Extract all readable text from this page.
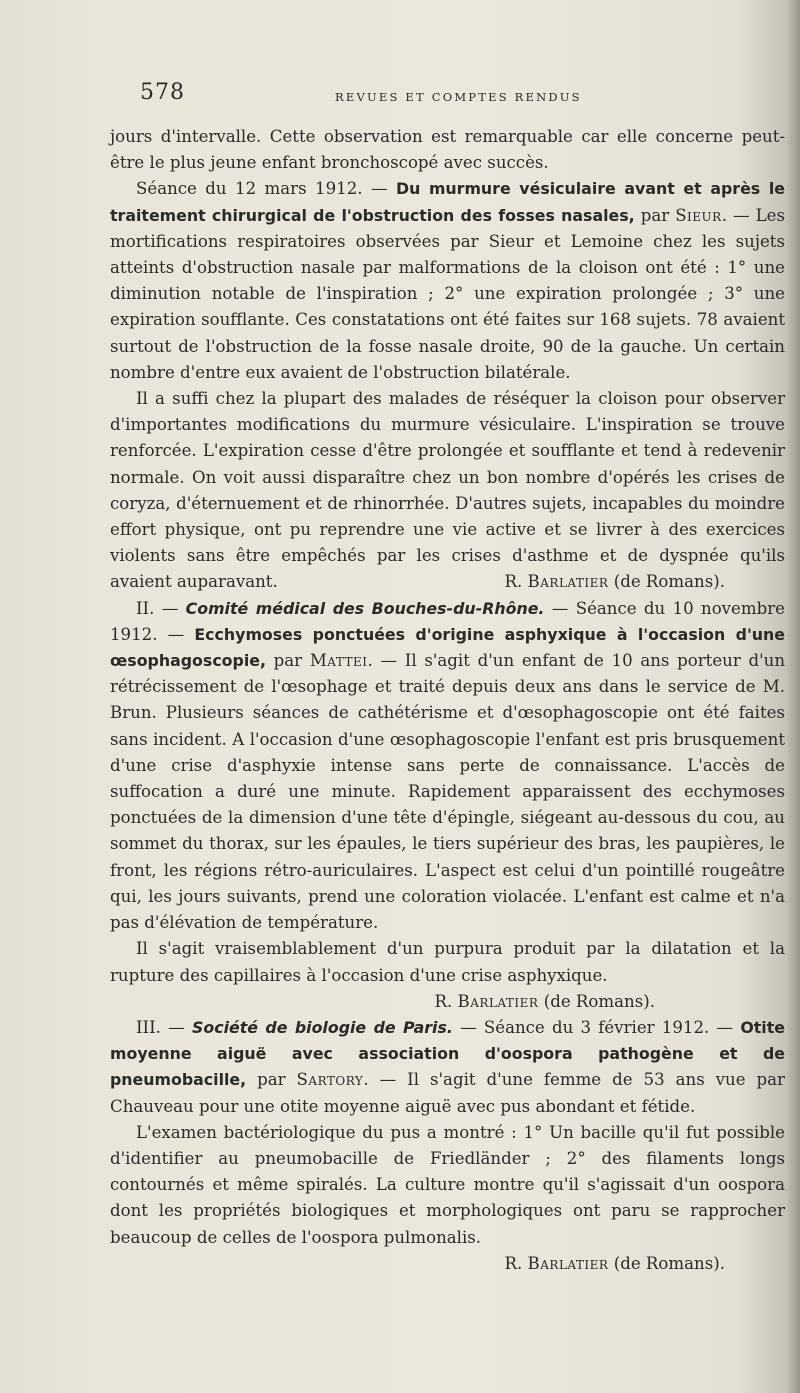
578	REVUES ET COMPTES RENDUS

jours d'intervalle. Cette observation est remarquable car elle concerne peut-être le plus jeune enfant bronchoscopé avec succès.

Séance du 12 mars 1912. — Du murmure vésiculaire avant et après le traitement chirurgical de l'obstruction des fosses nasales, par Sieur. — Les mortifications respiratoires observées par Sieur et Lemoine chez les sujets atteints d'obstruction nasale par malformations de la cloison ont été : 1° une diminution notable de l'inspiration ; 2° une expiration prolongée ; 3° une expiration soufflante. Ces constatations ont été faites sur 168 sujets. 78 avaient surtout de l'obstruction de la fosse nasale droite, 90 de la gauche. Un certain nombre d'entre eux avaient de l'obstruction bilatérale.

Il a suffi chez la plupart des malades de réséquer la cloison pour observer d'importantes modifications du murmure vésiculaire. L'inspiration se trouve renforcée. L'expiration cesse d'être prolongée et soufflante et tend à redevenir normale. On voit aussi disparaître chez un bon nombre d'opérés les crises de coryza, d'éternuement et de rhinorrhée. D'autres sujets, incapables du moindre effort physique, ont pu reprendre une vie active et se livrer à des exercices violents sans être empêchés par les crises d'asthme et de dyspnée qu'ils avaient auparavant.	R. Barlatier (de Romans).

II. — Comité médical des Bouches-du-Rhône. — Séance du 10 novembre 1912. — Ecchymoses ponctuées d'origine asphyxique à l'occasion d'une œsophagoscopie, par Mattei. — Il s'agit d'un enfant de 10 ans porteur d'un rétrécissement de l'œsophage et traité depuis deux ans dans le service de M. Brun. Plusieurs séances de cathétérisme et d'œsophagoscopie ont été faites sans incident. A l'occasion d'une œsophagoscopie l'enfant est pris brusquement d'une crise d'asphyxie intense sans perte de connaissance. L'accès de suffocation a duré une minute. Rapidement apparaissent des ecchymoses ponctuées de la dimension d'une tête d'épingle, siégeant au-dessous du cou, au sommet du thorax, sur les épaules, le tiers supérieur des bras, les paupières, le front, les régions rétro-auriculaires. L'aspect est celui d'un pointillé rougeâtre qui, les jours suivants, prend une coloration violacée. L'enfant est calme et n'a pas d'élévation de température.

Il s'agit vraisemblablement d'un purpura produit par la dilatation et la rupture des capillaires à l'occasion d'une crise asphyxique.

R. Barlatier (de Romans).

III. — Société de biologie de Paris. — Séance du 3 février 1912. — Otite moyenne aiguë avec association d'oospora pathogène et de pneumobacille, par Sartory. — Il s'agit d'une femme de 53 ans vue par Chauveau pour une otite moyenne aiguë avec pus abondant et fétide.

L'examen bactériologique du pus a montré : 1° Un bacille qu'il fut possible d'identifier au pneumobacille de Friedländer ; 2° des filaments longs contournés et même spiralés. La culture montre qu'il s'agissait d'un oospora dont les propriétés biologiques et morphologiques ont paru se rapprocher beaucoup de celles de l'oospora pulmonalis.
R. Barlatier (de Romans).
